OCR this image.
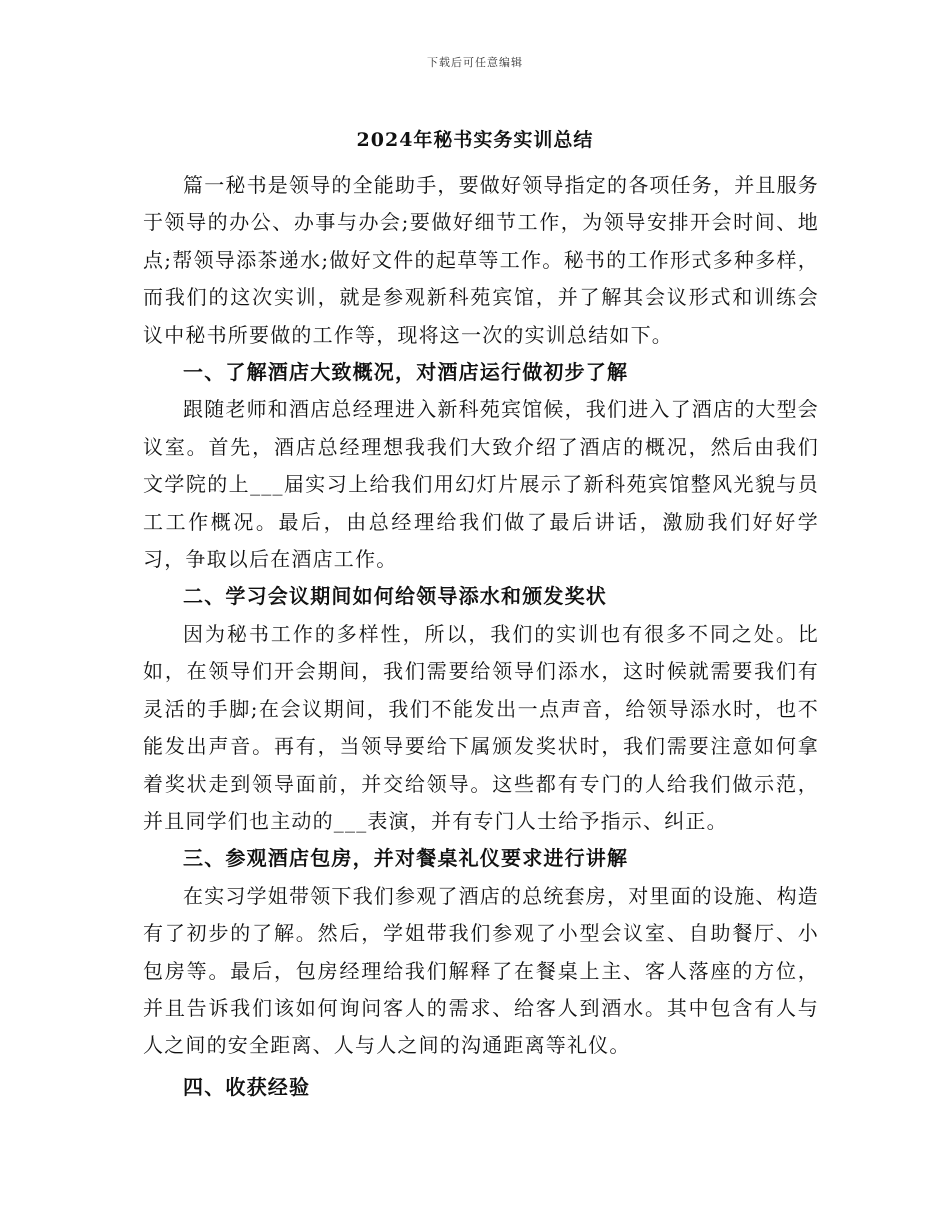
下载后可任意编辑
2024年秘书实务实训总结

篇一秘书是领导的全能助手，要做好领导指定的各项任务，并且服务于领导的办公、办事与办会;要做好细节工作，为领导安排开会时间、地点;帮领导添茶递水;做好文件的起草等工作。秘书的工作形式多种多样，而我们的这次实训，就是参观新科苑宾馆，并了解其会议形式和训练会议中秘书所要做的工作等，现将这一次的实训总结如下。

一、了解酒店大致概况，对酒店运行做初步了解

跟随老师和酒店总经理进入新科苑宾馆候，我们进入了酒店的大型会议室。首先，酒店总经理想我我们大致介绍了酒店的概况，然后由我们文学院的上___届实习上给我们用幻灯片展示了新科苑宾馆整风光貌与员工工作概况。最后，由总经理给我们做了最后讲话，激励我们好好学习，争取以后在酒店工作。

二、学习会议期间如何给领导添水和颁发奖状

因为秘书工作的多样性，所以，我们的实训也有很多不同之处。比如，在领导们开会期间，我们需要给领导们添水，这时候就需要我们有灵活的手脚;在会议期间，我们不能发出一点声音，给领导添水时，也不能发出声音。再有，当领导要给下属颁发奖状时，我们需要注意如何拿着奖状走到领导面前，并交给领导。这些都有专门的人给我们做示范，并且同学们也主动的___表演，并有专门人士给予指示、纠正。

三、参观酒店包房，并对餐桌礼仪要求进行讲解

在实习学姐带领下我们参观了酒店的总统套房，对里面的设施、构造有了初步的了解。然后，学姐带我们参观了小型会议室、自助餐厅、小包房等。最后，包房经理给我们解释了在餐桌上主、客人落座的方位，并且告诉我们该如何询问客人的需求、给客人到酒水。其中包含有人与人之间的安全距离、人与人之间的沟通距离等礼仪。

四、收获经验
